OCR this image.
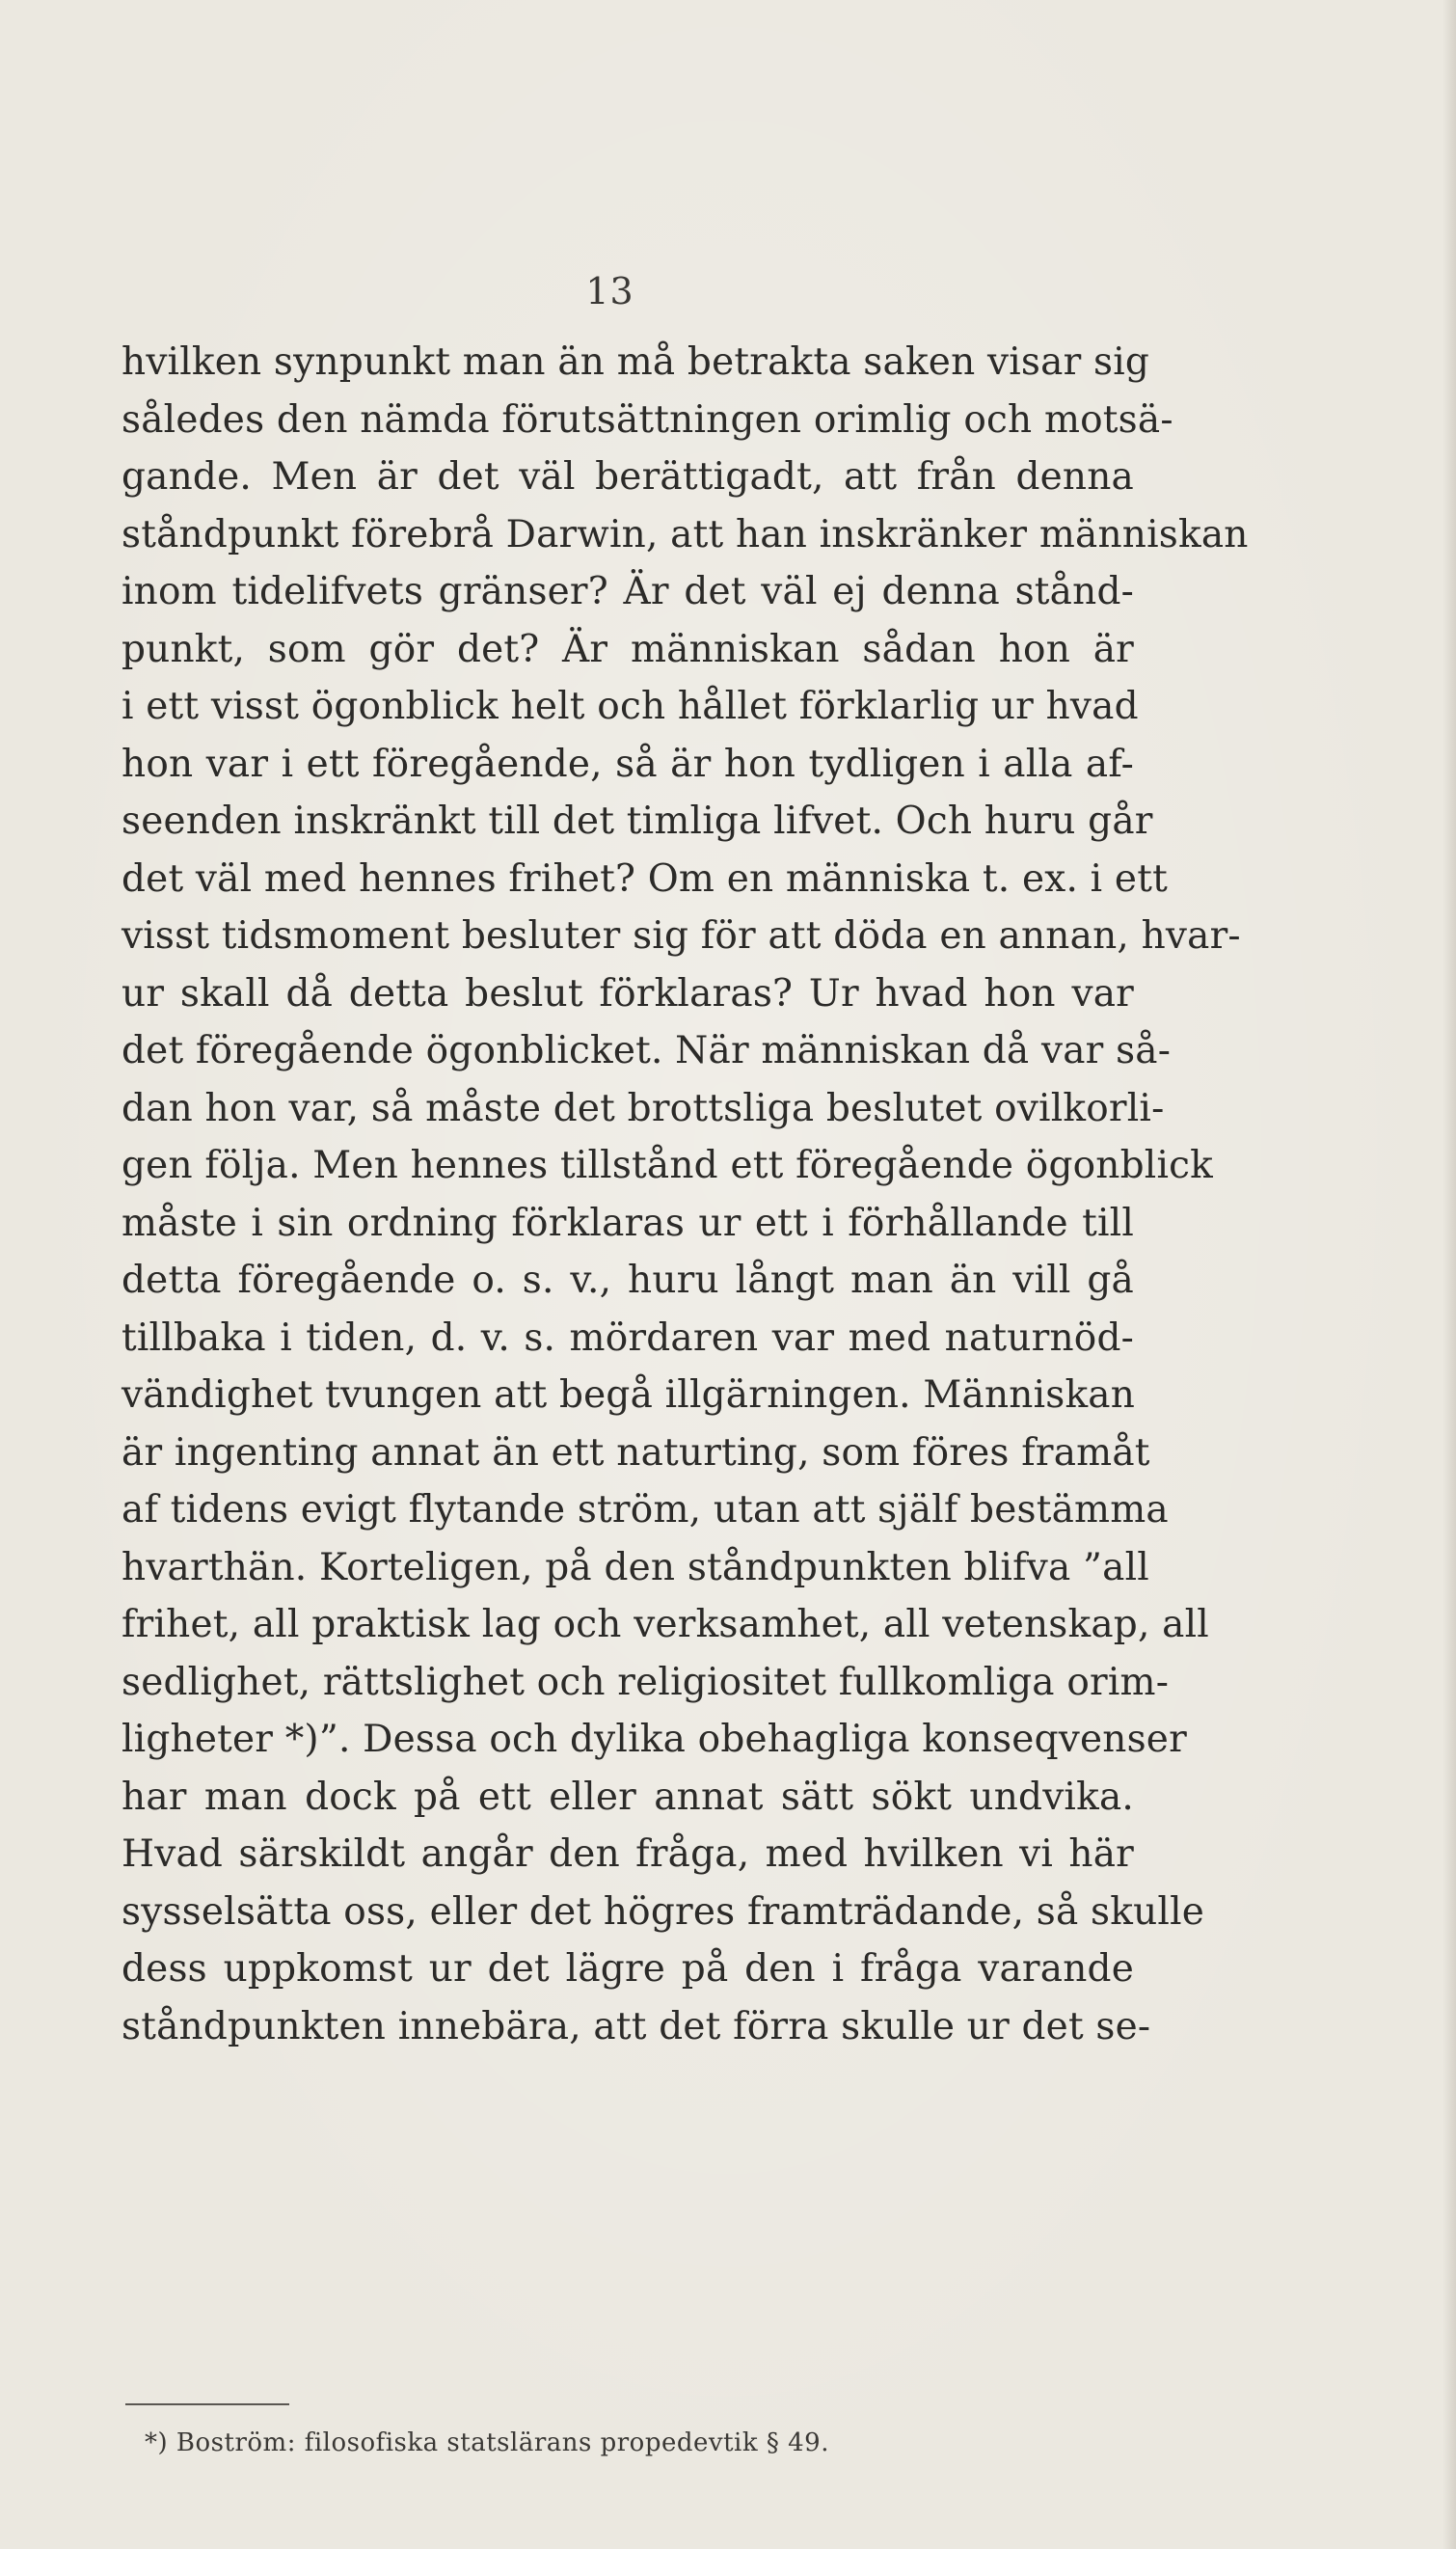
13
hvilken synpunkt man än må betrakta saken visar sig
således den nämda förutsättningen orimlig och motsä-
gande. Men är det väl berättigadt, att från denna
ståndpunkt förebrå Darwin, att han inskränker människan
inom tidelifvets gränser? Är det väl ej denna stånd-
punkt, som gör det? Är människan sådan hon är
i ett visst ögonblick helt och hållet förklarlig ur hvad
hon var i ett föregående, så är hon tydligen i alla af-
seenden inskränkt till det timliga lifvet. Och huru går
det väl med hennes frihet? Om en människa t. ex. i ett
visst tidsmoment besluter sig för att döda en annan, hvar-
ur skall då detta beslut förklaras? Ur hvad hon var
det föregående ögonblicket. När människan då var så-
dan hon var, så måste det brottsliga beslutet ovilkorli-
gen följa. Men hennes tillstånd ett föregående ögonblick
måste i sin ordning förklaras ur ett i förhållande till
detta föregående o. s. v., huru långt man än vill gå
tillbaka i tiden, d. v. s. mördaren var med naturnöd-
vändighet tvungen att begå illgärningen. Människan
är ingenting annat än ett naturting, som föres framåt
af tidens evigt flytande ström, utan att själf bestämma
hvarthän. Korteligen, på den ståndpunkten blifva ”all
frihet, all praktisk lag och verksamhet, all vetenskap, all
sedlighet, rättslighet och religiositet fullkomliga orim-
ligheter *)”. Dessa och dylika obehagliga konseqvenser
har man dock på ett eller annat sätt sökt undvika.
Hvad särskildt angår den fråga, med hvilken vi här
sysselsätta oss, eller det högres framträdande, så skulle
dess uppkomst ur det lägre på den i fråga varande
ståndpunkten innebära, att det förra skulle ur det se-
*) Boström: filosofiska statslärans propedevtik § 49.
